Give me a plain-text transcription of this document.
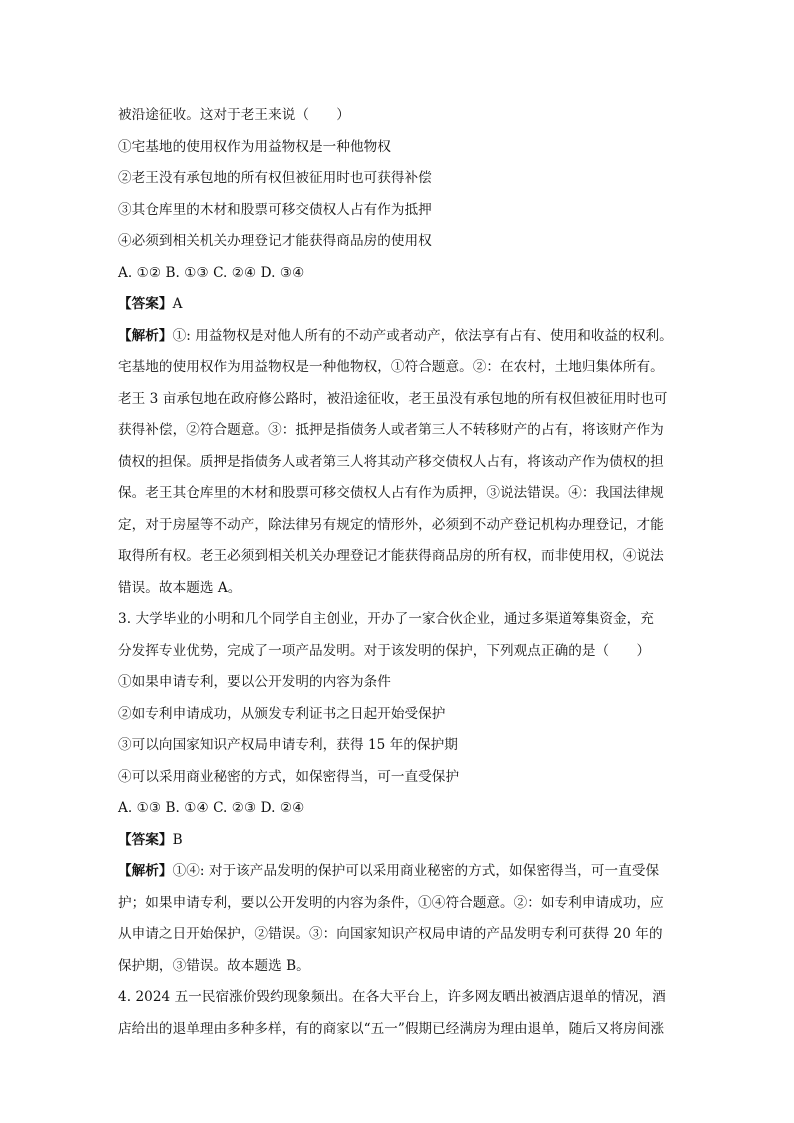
被沿途征收。这对于老王来说（　　）
①宅基地的使用权作为用益物权是一种他物权
②老王没有承包地的所有权但被征用时也可获得补偿
③其仓库里的木材和股票可移交债权人占有作为抵押
④必须到相关机关办理登记才能获得商品房的使用权
A. ①② B. ①③ C. ②④ D. ③④
【答案】A
【解析】①: 用益物权是对他人所有的不动产或者动产，依法享有占有、使用和收益的权利。
宅基地的使用权作为用益物权是一种他物权，①符合题意。②：在农村，土地归集体所有。
老王 3 亩承包地在政府修公路时，被沿途征收，老王虽没有承包地的所有权但被征用时也可
获得补偿，②符合题意。③：抵押是指债务人或者第三人不转移财产的占有，将该财产作为
债权的担保。质押是指债务人或者第三人将其动产移交债权人占有，将该动产作为债权的担
保。老王其仓库里的木材和股票可移交债权人占有作为质押，③说法错误。④：我国法律规
定，对于房屋等不动产，除法律另有规定的情形外，必须到不动产登记机构办理登记，才能
取得所有权。老王必须到相关机关办理登记才能获得商品房的所有权，而非使用权，④说法
错误。故本题选 A。
3. 大学毕业的小明和几个同学自主创业，开办了一家合伙企业，通过多渠道筹集资金，充
分发挥专业优势，完成了一项产品发明。对于该发明的保护，下列观点正确的是（　　）
①如果申请专利，要以公开发明的内容为条件
②如专利申请成功，从颁发专利证书之日起开始受保护
③可以向国家知识产权局申请专利，获得 15 年的保护期
④可以采用商业秘密的方式，如保密得当，可一直受保护
A. ①③ B. ①④ C. ②③ D. ②④
【答案】B
【解析】①④: 对于该产品发明的保护可以采用商业秘密的方式，如保密得当，可一直受保
护；如果申请专利，要以公开发明的内容为条件，①④符合题意。②：如专利申请成功，应
从申请之日开始保护，②错误。③：向国家知识产权局申请的产品发明专利可获得 20 年的
保护期，③错误。故本题选 B。
4. 2024 五一民宿涨价毁约现象频出。在各大平台上，许多网友晒出被酒店退单的情况，酒
店给出的退单理由多种多样，有的商家以“五一”假期已经满房为理由退单，随后又将房间涨
